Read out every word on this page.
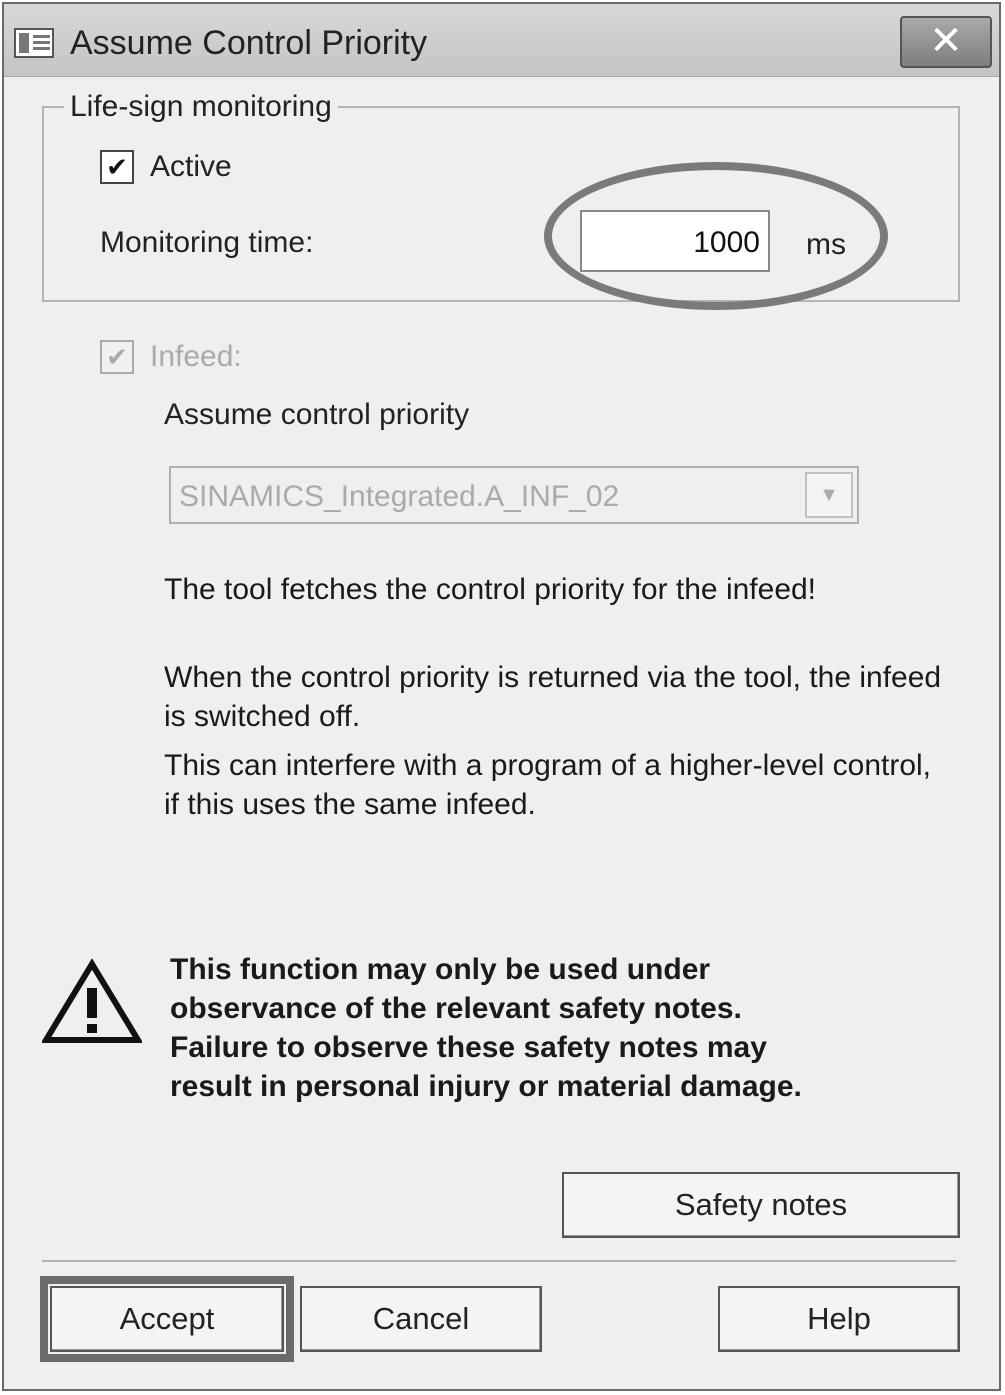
Assume Control Priority	✕
Life-sign monitoring
✔ Active
Monitoring time:
1000	ms
✔ Infeed:
Assume control priority
SINAMICS_Integrated.A_INF_02	▼
The tool fetches the control priority for the infeed!
When the control priority is returned via the tool, the infeed
is switched off.
This can interfere with a program of a higher-level control,
if this uses the same infeed.
This function may only be used under
observance of the relevant safety notes.
Failure to observe these safety notes may
result in personal injury or material damage.
Safety notes
Accept	Cancel	Help
